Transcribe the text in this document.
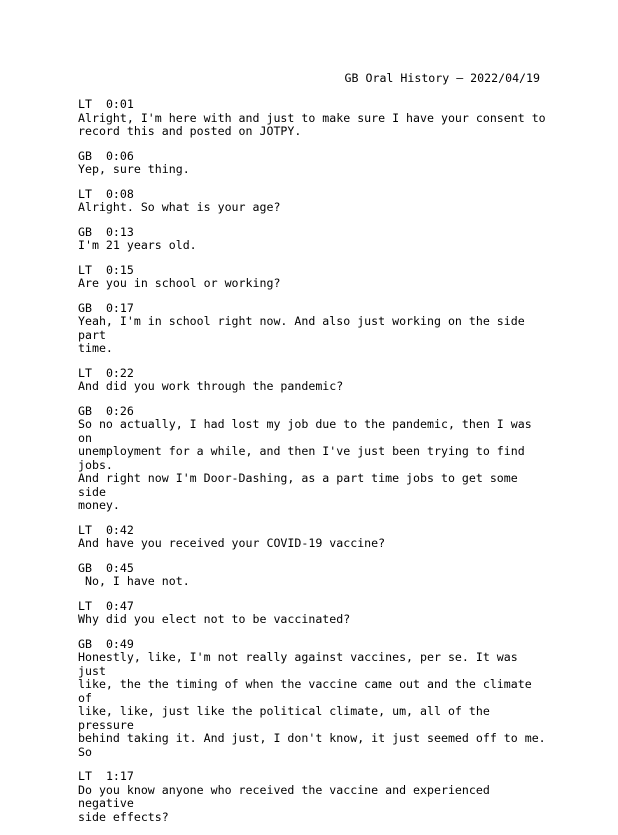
GB Oral History – 2022/04/19
LT 0:01
Alright, I'm here with and just to make sure I have your consent to
record this and posted on JOTPY.
GB 0:06
Yep, sure thing.
LT 0:08
Alright. So what is your age?
GB 0:13
I'm 21 years old.
LT 0:15
Are you in school or working?
GB 0:17
Yeah, I'm in school right now. And also just working on the side part
time.
LT 0:22
And did you work through the pandemic?
GB 0:26
So no actually, I had lost my job due to the pandemic, then I was on
unemployment for a while, and then I've just been trying to find jobs.
And right now I'm Door-Dashing, as a part time jobs to get some side
money.
LT 0:42
And have you received your COVID-19 vaccine?
GB 0:45
No, I have not.
LT 0:47
Why did you elect not to be vaccinated?
GB 0:49
Honestly, like, I'm not really against vaccines, per se. It was just
like, the the timing of when the vaccine came out and the climate of
like, like, just like the political climate, um, all of the pressure
behind taking it. And just, I don't know, it just seemed off to me. So
LT 1:17
Do you know anyone who received the vaccine and experienced negative
side effects?
